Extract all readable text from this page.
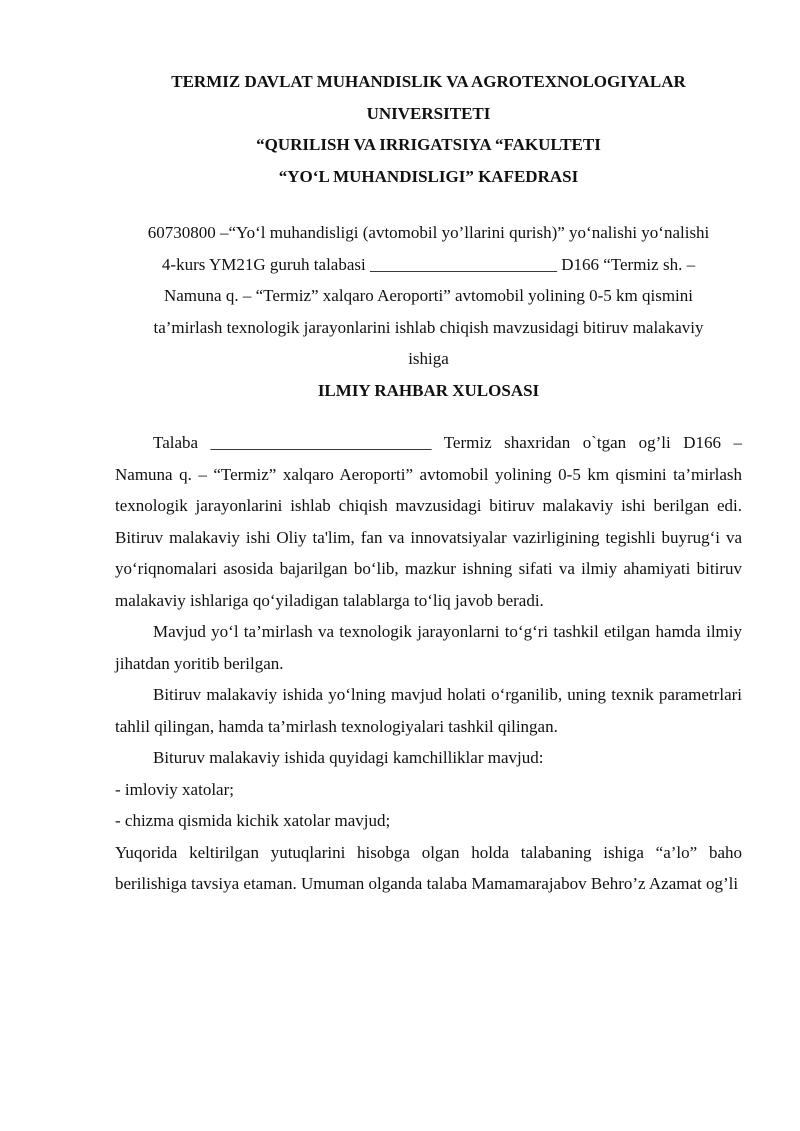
TERMIZ DAVLAT MUHANDISLIK VA AGROTEXNOLOGIYALAR

UNIVERSITETI

“QURILISH VA IRRIGATSIYA “FAKULTETI

“YO‘L MUHANDISLIGI” KAFEDRASI

60730800 –“Yo‘l muhandisligi (avtomobil yo’llarini qurish)” yo‘nalishi yo‘nalishi

4-kurs YM21G guruh talabasi ______________________ D166 “Termiz sh. –

Namuna q. – “Termiz” xalqaro Aeroporti” avtomobil yolining 0-5 km qismini

ta’mirlash texnologik jarayonlarini ishlab chiqish mavzusidagi bitiruv malakaviy

ishiga

ILMIY RAHBAR XULOSASI

Talaba __________________________ Termiz shaxridan o`tgan og’li D166 – Namuna q. – “Termiz” xalqaro Aeroporti” avtomobil yolining 0-5 km qismini ta’mirlash texnologik jarayonlarini ishlab chiqish mavzusidagi bitiruv malakaviy ishi berilgan edi. Bitiruv malakaviy ishi Oliy ta'lim, fan va innovatsiyalar vazirligining tegishli buyrug‘i va yo‘riqnomalari asosida bajarilgan bo‘lib, mazkur ishning sifati va ilmiy ahamiyati bitiruv malakaviy ishlariga qo‘yiladigan talablarga to‘liq javob beradi.

Mavjud yo‘l ta’mirlash va texnologik jarayonlarni to‘g‘ri tashkil etilgan hamda ilmiy jihatdan yoritib berilgan.

Bitiruv malakaviy ishida yo‘lning mavjud holati o‘rganilib, uning texnik parametrlari tahlil qilingan, hamda ta’mirlash texnologiyalari tashkil qilingan.

Bituruv malakaviy ishida quyidagi kamchilliklar mavjud:

- imloviy xatolar;

- chizma qismida kichik xatolar mavjud;

Yuqorida keltirilgan yutuqlarini hisobga olgan holda talabaning ishiga “a’lo” baho berilishiga tavsiya etaman. Umuman olganda talaba Mamamarajabov Behro’z Azamat og’li
